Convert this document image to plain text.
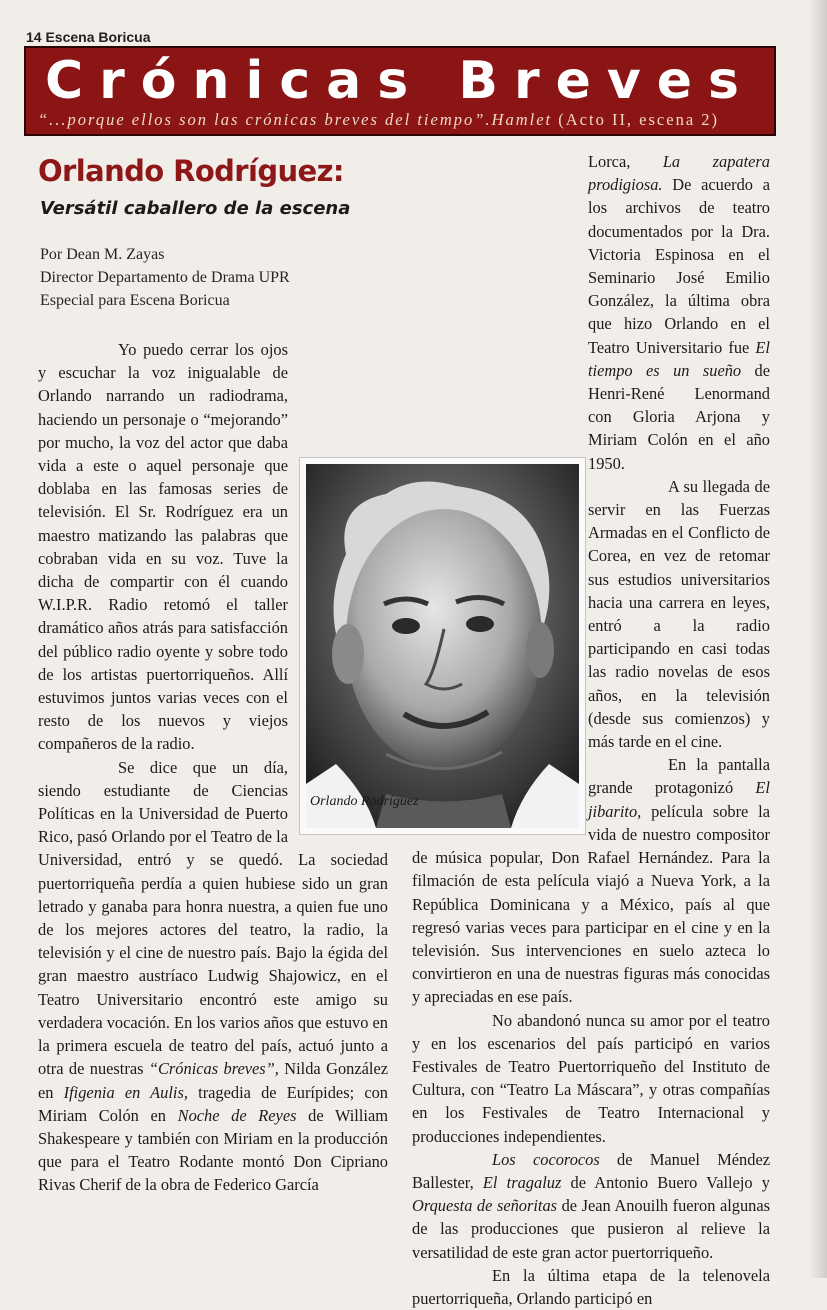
14 Escena Boricua
Crónicas Breves
“...porque ellos son las crónicas breves del tiempo”.Hamlet (Acto II, escena 2)
Orlando Rodríguez:
Versátil caballero de la escena
Por Dean M. Zayas
Director Departamento de Drama UPR
Especial para Escena Boricua

Yo puedo cerrar los ojos y escuchar la voz inigualable de Orlando narrando un radiodrama, haciendo un personaje o “mejorando” por mucho, la voz del actor que daba vida a este o aquel personaje que doblaba en las famosas series de televisión. El Sr. Rodríguez era un maestro matizando las palabras que cobraban vida en su voz. Tuve la dicha de compartir con él cuando W.I.P.R. Radio retomó el taller dramático años atrás para satisfacción del público radio oyente y sobre todo de los artistas puertorriqueños. Allí estuvimos juntos varias veces con el resto de los nuevos y viejos compañeros de la radio.

Se dice que un día, siendo estudiante de Ciencias Políticas en la Universidad de Puerto Rico, pasó Orlando por el Teatro de la Universidad, entró y se quedó. La sociedad puertorriqueña perdía a quien hubiese sido un gran letrado y ganaba para honra nuestra, a quien fue uno de los mejores actores del teatro, la radio, la televisión y el cine de nuestro país. Bajo la égida del gran maestro austríaco Ludwig Shajowicz, en el Teatro Universitario encontró este amigo su verdadera vocación. En los varios años que estuvo en la primera escuela de teatro del país, actuó junto a otra de nuestras “Crónicas breves”, Nilda González en Ifigenia en Aulis, tragedia de Eurípides; con Miriam Colón en Noche de Reyes de William Shakespeare y también con Miriam en la producción que para el Teatro Rodante montó Don Cipriano Rivas Cherif de la obra de Federico García

Lorca, La zapatera prodigiosa. De acuerdo a los archivos de teatro documentados por la Dra. Victoria Espinosa en el Seminario José Emilio González, la última obra que hizo Orlando en el Teatro Universitario fue El tiempo es un sueño de Henri-René Lenormand con Gloria Arjona y Miriam Colón en el año 1950.

A su llegada de servir en las Fuerzas Armadas en el Conflicto de Corea, en vez de retomar sus estudios universitarios hacia una carrera en leyes, entró a la radio participando en casi todas las radio novelas de esos años, en la televisión (desde sus comienzos) y más tarde en el cine.

En la pantalla grande protagonizó El jibarito, película sobre la vida de nuestro compositor de música popular, Don Rafael Hernández. Para la filmación de esta película viajó a Nueva York, a la República Dominicana y a México, país al que regresó varias veces para participar en el cine y en la televisión. Sus intervenciones en suelo azteca lo convirtieron en una de nuestras figuras más conocidas y apreciadas en ese país.

No abandonó nunca su amor por el teatro y en los escenarios del país participó en varios Festivales de Teatro Puertorriqueño del Instituto de Cultura, con “Teatro La Máscara”, y otras compañías en los Festivales de Teatro Internacional y producciones independientes.

Los cocorocos de Manuel Méndez Ballester, El tragaluz de Antonio Buero Vallejo y Orquesta de señoritas de Jean Anouilh fueron algunas de las producciones que pusieron al relieve la versatilidad de este gran actor puertorriqueño.

En la última etapa de la telenovela puertorriqueña, Orlando participó en

Orlando Rodríguez
